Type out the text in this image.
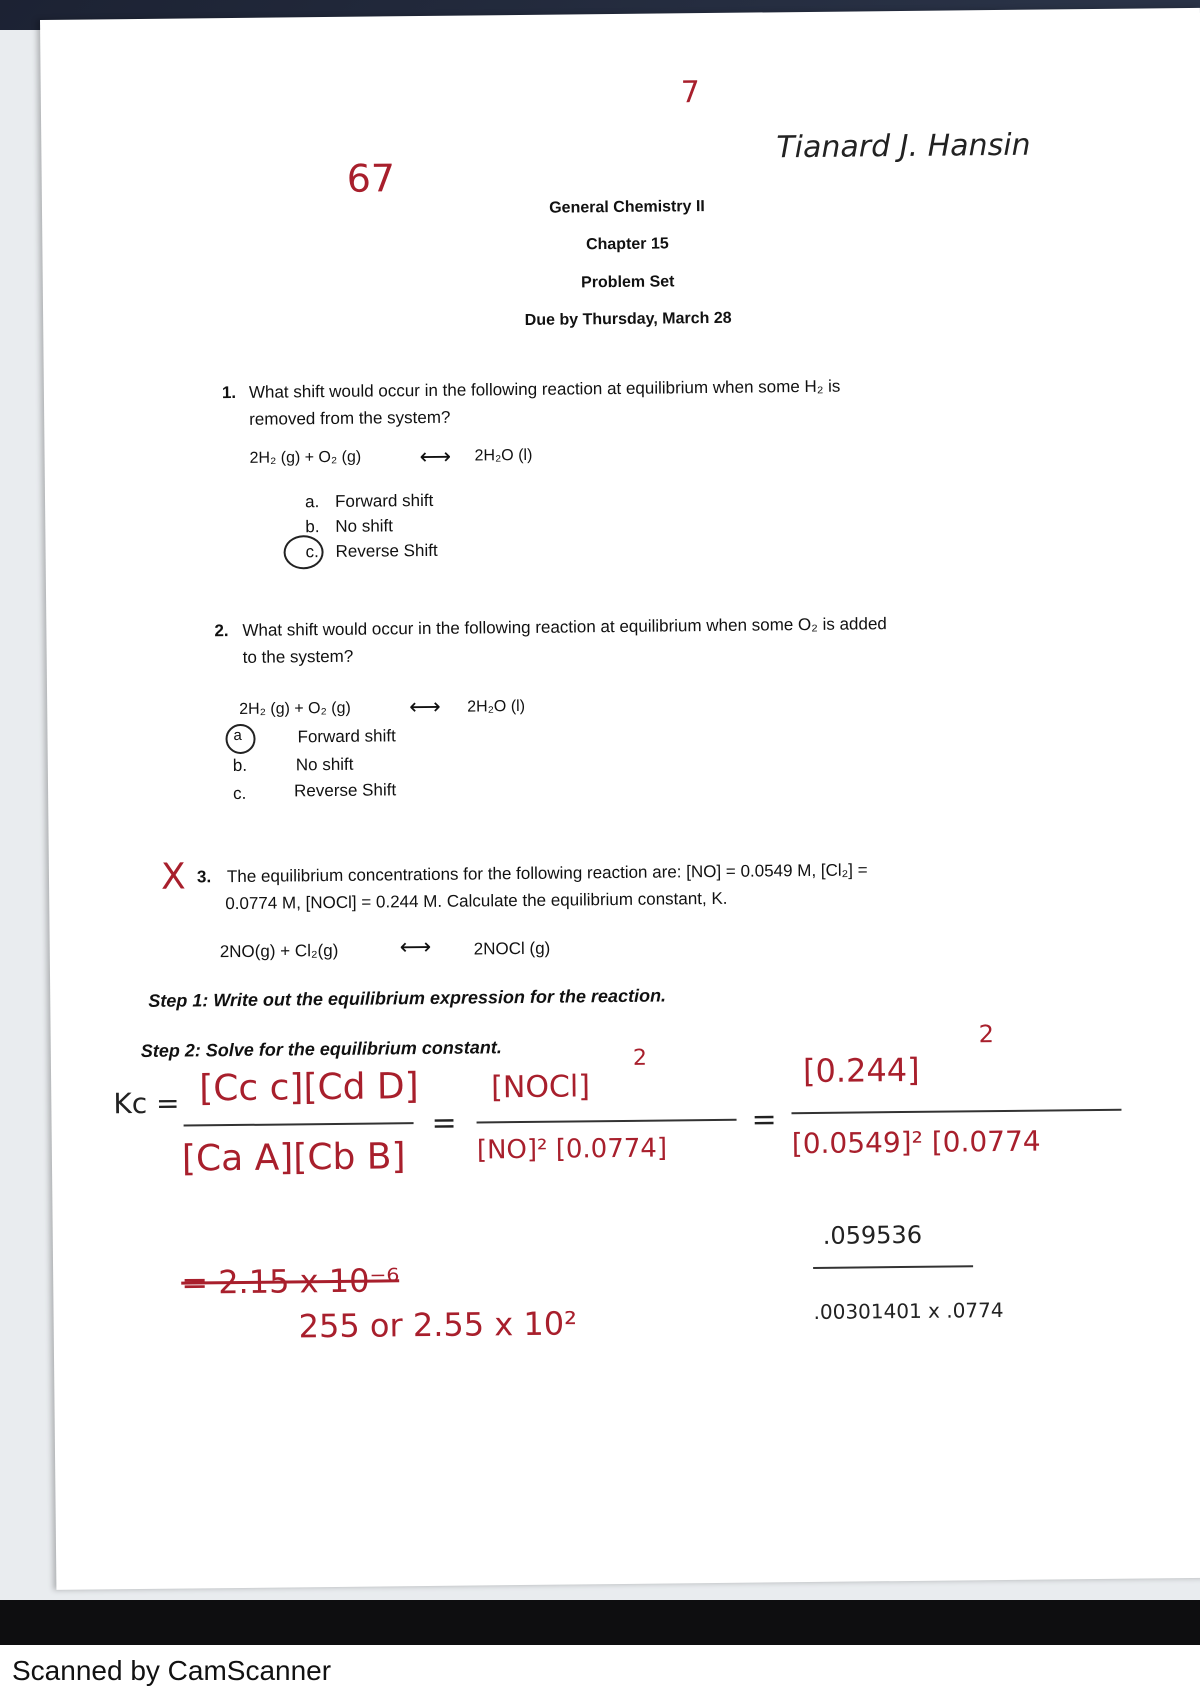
67
Tianard J. Hansin
7
General Chemistry II
Chapter 15
Problem Set
Due by Thursday, March 28
1. What shift would occur in the following reaction at equilibrium when some H₂ is
removed from the system?
2H₂ (g) + O₂ (g)	⟷ 2H₂O (l)
a. Forward shift
b. No shift
c. Reverse Shift
2. What shift would occur in the following reaction at equilibrium when some O₂ is added
to the system?
2H₂ (g) + O₂ (g)	⟷ 2H₂O (l)
a	Forward shift
b.	No shift
c.	Reverse Shift
X 3. The equilibrium concentrations for the following reaction are: [NO] = 0.0549 M, [Cl₂] =
0.0774 M, [NOCl] = 0.244 M. Calculate the equilibrium constant, K.
2NO(g) + Cl₂(g)	⟷ 2NOCl (g)
Step 1: Write out the equilibrium expression for the reaction.
Step 2: Solve for the equilibrium constant.
Kc = [Cc c][Cd D]
[Ca A][Cb B]
=
[NOCl]
2
[NO]² [0.0774]
=
[0.244]
2
[0.0549]² [0.0774
= 2.15 x 10⁻⁶
255 or 2.55 x 10²
.059536
.00301401 x .0774
Scanned by CamScanner
